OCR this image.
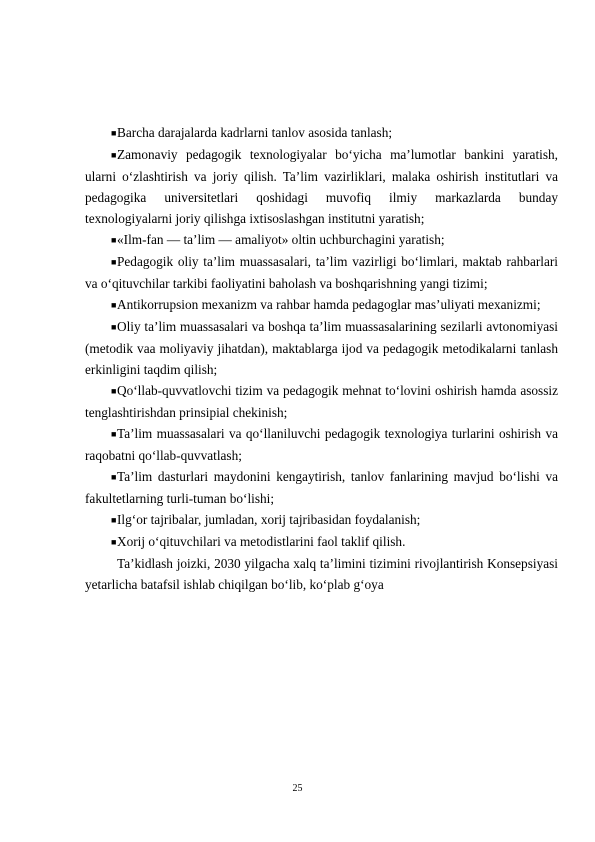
■Barcha darajalarda kadrlarni tanlov asosida tanlash;

■Zamonaviy pedagogik texnologiyalar bo‘yicha ma’lumotlar bankini yaratish, ularni o‘zlashtirish va joriy qilish. Ta’lim vazirliklari, malaka oshirish institutlari va pedagogika universitetlari qoshidagi muvofiq ilmiy markazlarda bunday texnologiyalarni joriy qilishga ixtisoslashgan institutni yaratish;

■«Ilm-fan — ta’lim — amaliyot» oltin uchburchagini yaratish;

■Pedagogik oliy ta’lim muassasalari, ta’lim vazirligi bo‘limlari, maktab rahbarlari va o‘qituvchilar tarkibi faoliyatini baholash va boshqarishning yangi tizimi;

■Antikorrupsion mexanizm va rahbar hamda pedagoglar mas’uliyati mexanizmi;

■Oliy ta’lim muassasalari va boshqa ta’lim muassasalarining sezilarli avtonomiyasi (metodik vaa moliyaviy jihatdan), maktablarga ijod va pedagogik metodikalarni tanlash erkinligini taqdim qilish;

■Qo‘llab-quvvatlovchi tizim va pedagogik mehnat to‘lovini oshirish hamda asossiz tenglashtirishdan prinsipial chekinish;

■Ta’lim muassasalari va qo‘llaniluvchi pedagogik texnologiya turlarini oshirish va raqobatni qo‘llab-quvvatlash;

■Ta’lim dasturlari maydonini kengaytirish, tanlov fanlarining mavjud bo‘lishi va fakultetlarning turli-tuman bo‘lishi;

■Ilg‘or tajribalar, jumladan, xorij tajribasidan foydalanish;

■Xorij o‘qituvchilari va metodistlarini faol taklif qilish.

Ta’kidlash joizki, 2030 yilgacha xalq ta’limini tizimini rivojlantirish Konsepsiyasi yetarlicha batafsil ishlab chiqilgan bo‘lib, ko‘plab g‘oya

25
